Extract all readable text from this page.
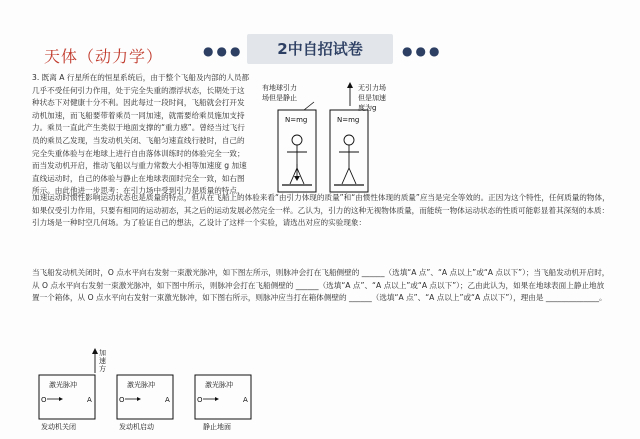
天体（动力学）	●●●	2中自招试卷	●●●
3. 既离 A 行星所在的恒星系统后，由于整个飞船及内部的人员都几乎不受任何引力作用，处于完全失重的漂浮状态，长期处于这种状态下对健康十分不利。因此每过一段时间，飞船就会打开发动机加速，而飞船要带着乘员一同加速，就需要给乘员施加支持力。乘员一直此产生类似于地面支撑的“重力感”。曾经当过飞行员的乘员乙发现，当发动机关闭、飞船匀速直线行驶时，自己的完全失重体验与在地球上进行自由落体训练时的体验完全一致；而当发动机开启，推动飞船以与重力常数大小相等加速度 g 加速直线运动时，自己的体验与静止在地球表面时完全一致，如右图所示。由此他进一步思考：在引力场中受到引力是质量的特点，
有地球引力
场但是静止
N=mg
无引力场
但是加速
度为g
N=mg
加速运动时惯性影响运动状态也是质量的特点，但从在飞船上的体验来看“由引力体现的质量”和“由惯性体现的质量”应当是完全等效的。正因为这个特性，任何质量的物体，如果仅受引力作用，只要有相同的运动初态，其之后的运动发展必然完全一样。乙认为，引力的这种无视物体质量，而能统一物体运动状态的性质可能彰显着其深刻的本质：引力场是一种时空几何场。为了验证自己的想法，乙设计了这样一个实验，请选出对应的实验现象：
当飞船发动机关闭时，O 点水平向右发射一束激光脉冲，如下图左所示，则脉冲会打在飞船侧壁的 ______（选填“A 点”、“A 点以上”或“A 点以下”）；当飞船发动机开启时，从 O 点水平向右发射一束激光脉冲，如下图中所示，则脉冲会打在飞船侧壁的 ______（选填“A 点”、“A 点以上”或“A 点以下”）；乙由此认为，如果在地球表面上静止地放置一个箱体，从 O 点水平向右发射一束激光脉冲，如下图右所示，则脉冲应当打在箱体侧壁的 ______（选填“A 点”、“A 点以上”或“A 点以下”），理由是 ______________。
加
速
方
激光脉冲
O	A
发动机关闭
激光脉冲
O	A
发动机启动
激光脉冲
O	A
静止地面
